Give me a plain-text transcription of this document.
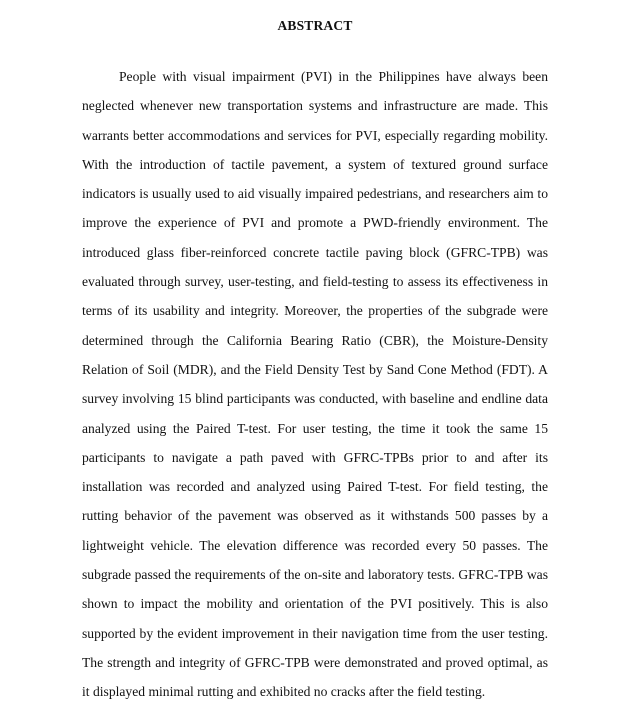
ABSTRACT

People with visual impairment (PVI) in the Philippines have always been neglected whenever new transportation systems and infrastructure are made. This warrants better accommodations and services for PVI, especially regarding mobility. With the introduction of tactile pavement, a system of textured ground surface indicators is usually used to aid visually impaired pedestrians, and researchers aim to improve the experience of PVI and promote a PWD-friendly environment. The introduced glass fiber-reinforced concrete tactile paving block (GFRC-TPB) was evaluated through survey, user-testing, and field-testing to assess its effectiveness in terms of its usability and integrity. Moreover, the properties of the subgrade were determined through the California Bearing Ratio (CBR), the Moisture-Density Relation of Soil (MDR), and the Field Density Test by Sand Cone Method (FDT). A survey involving 15 blind participants was conducted, with baseline and endline data analyzed using the Paired T-test. For user testing, the time it took the same 15 participants to navigate a path paved with GFRC-TPBs prior to and after its installation was recorded and analyzed using Paired T-test. For field testing, the rutting behavior of the pavement was observed as it withstands 500 passes by a lightweight vehicle. The elevation difference was recorded every 50 passes. The subgrade passed the requirements of the on-site and laboratory tests. GFRC-TPB was shown to impact the mobility and orientation of the PVI positively. This is also supported by the evident improvement in their navigation time from the user testing. The strength and integrity of GFRC-TPB were demonstrated and proved optimal, as it displayed minimal rutting and exhibited no cracks after the field testing.
